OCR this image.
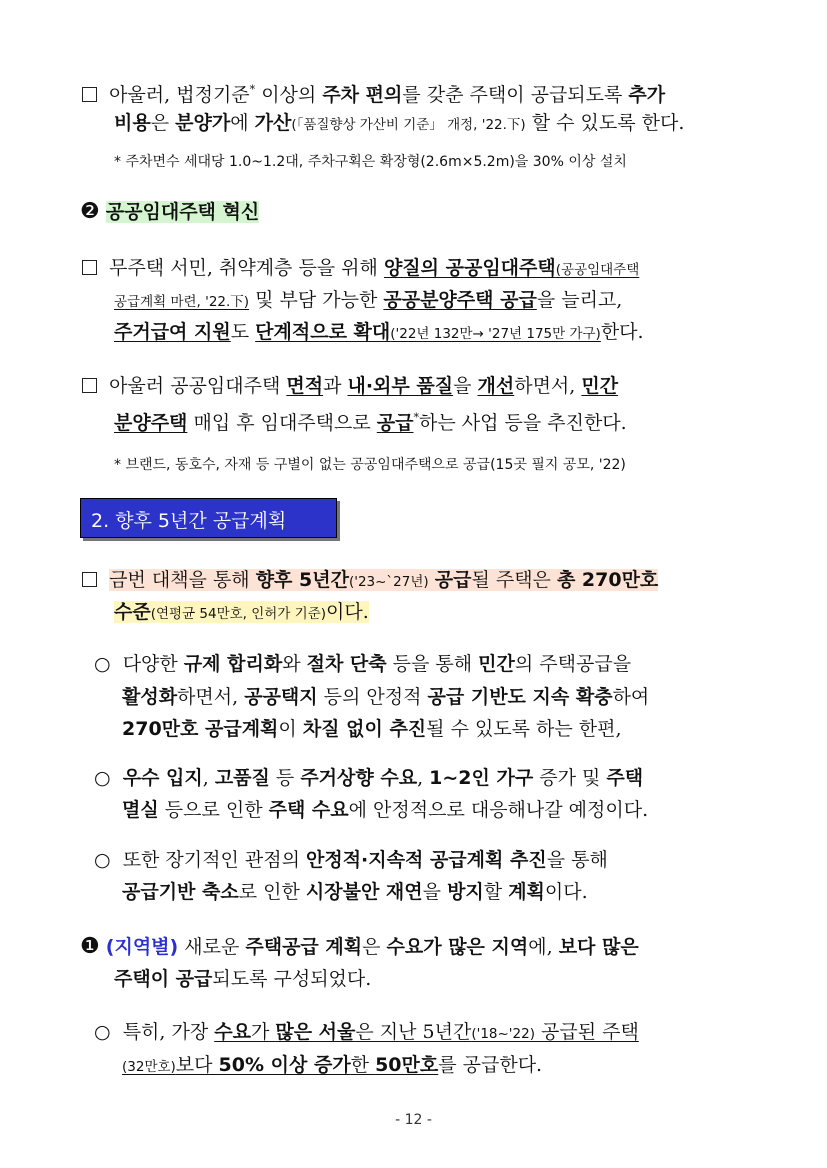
아울러, 법정기준* 이상의 주차 편의를 갖춘 주택이 공급되도록 추가
비용은 분양가에 가산(「품질향상 가산비 기준」 개정, '22.下) 할 수 있도록 한다.
* 주차면수 세대당 1.0~1.2대, 주차구획은 확장형(2.6m×5.2m)을 30% 이상 설치
❷ 공공임대주택 혁신
무주택 서민, 취약계층 등을 위해 양질의 공공임대주택(공공임대주택
공급계획 마련, '22.下) 및 부담 가능한 공공분양주택 공급을 늘리고,
주거급여 지원도 단계적으로 확대('22년 132만→ '27년 175만 가구)한다.
아울러 공공임대주택 면적과 내·외부 품질을 개선하면서, 민간
분양주택 매입 후 임대주택으로 공급*하는 사업 등을 추진한다.
* 브랜드, 동호수, 자재 등 구별이 없는 공공임대주택으로 공급(15곳 필지 공모, '22)
2. 향후 5년간 공급계획
금번 대책을 통해 향후 5년간('23~`27년) 공급될 주택은 총 270만호
수준(연평균 54만호, 인허가 기준)이다.
○ 다양한 규제 합리화와 절차 단축 등을 통해 민간의 주택공급을
활성화하면서, 공공택지 등의 안정적 공급 기반도 지속 확충하여
270만호 공급계획이 차질 없이 추진될 수 있도록 하는 한편,
○ 우수 입지, 고품질 등 주거상향 수요, 1~2인 가구 증가 및 주택
멸실 등으로 인한 주택 수요에 안정적으로 대응해나갈 예정이다.
○ 또한 장기적인 관점의 안정적·지속적 공급계획 추진을 통해
공급기반 축소로 인한 시장불안 재연을 방지할 계획이다.
❶ (지역별) 새로운 주택공급 계획은 수요가 많은 지역에, 보다 많은
주택이 공급되도록 구성되었다.
○ 특히, 가장 수요가 많은 서울은 지난 5년간('18~'22) 공급된 주택
(32만호)보다 50% 이상 증가한 50만호를 공급한다.
- 12 -
